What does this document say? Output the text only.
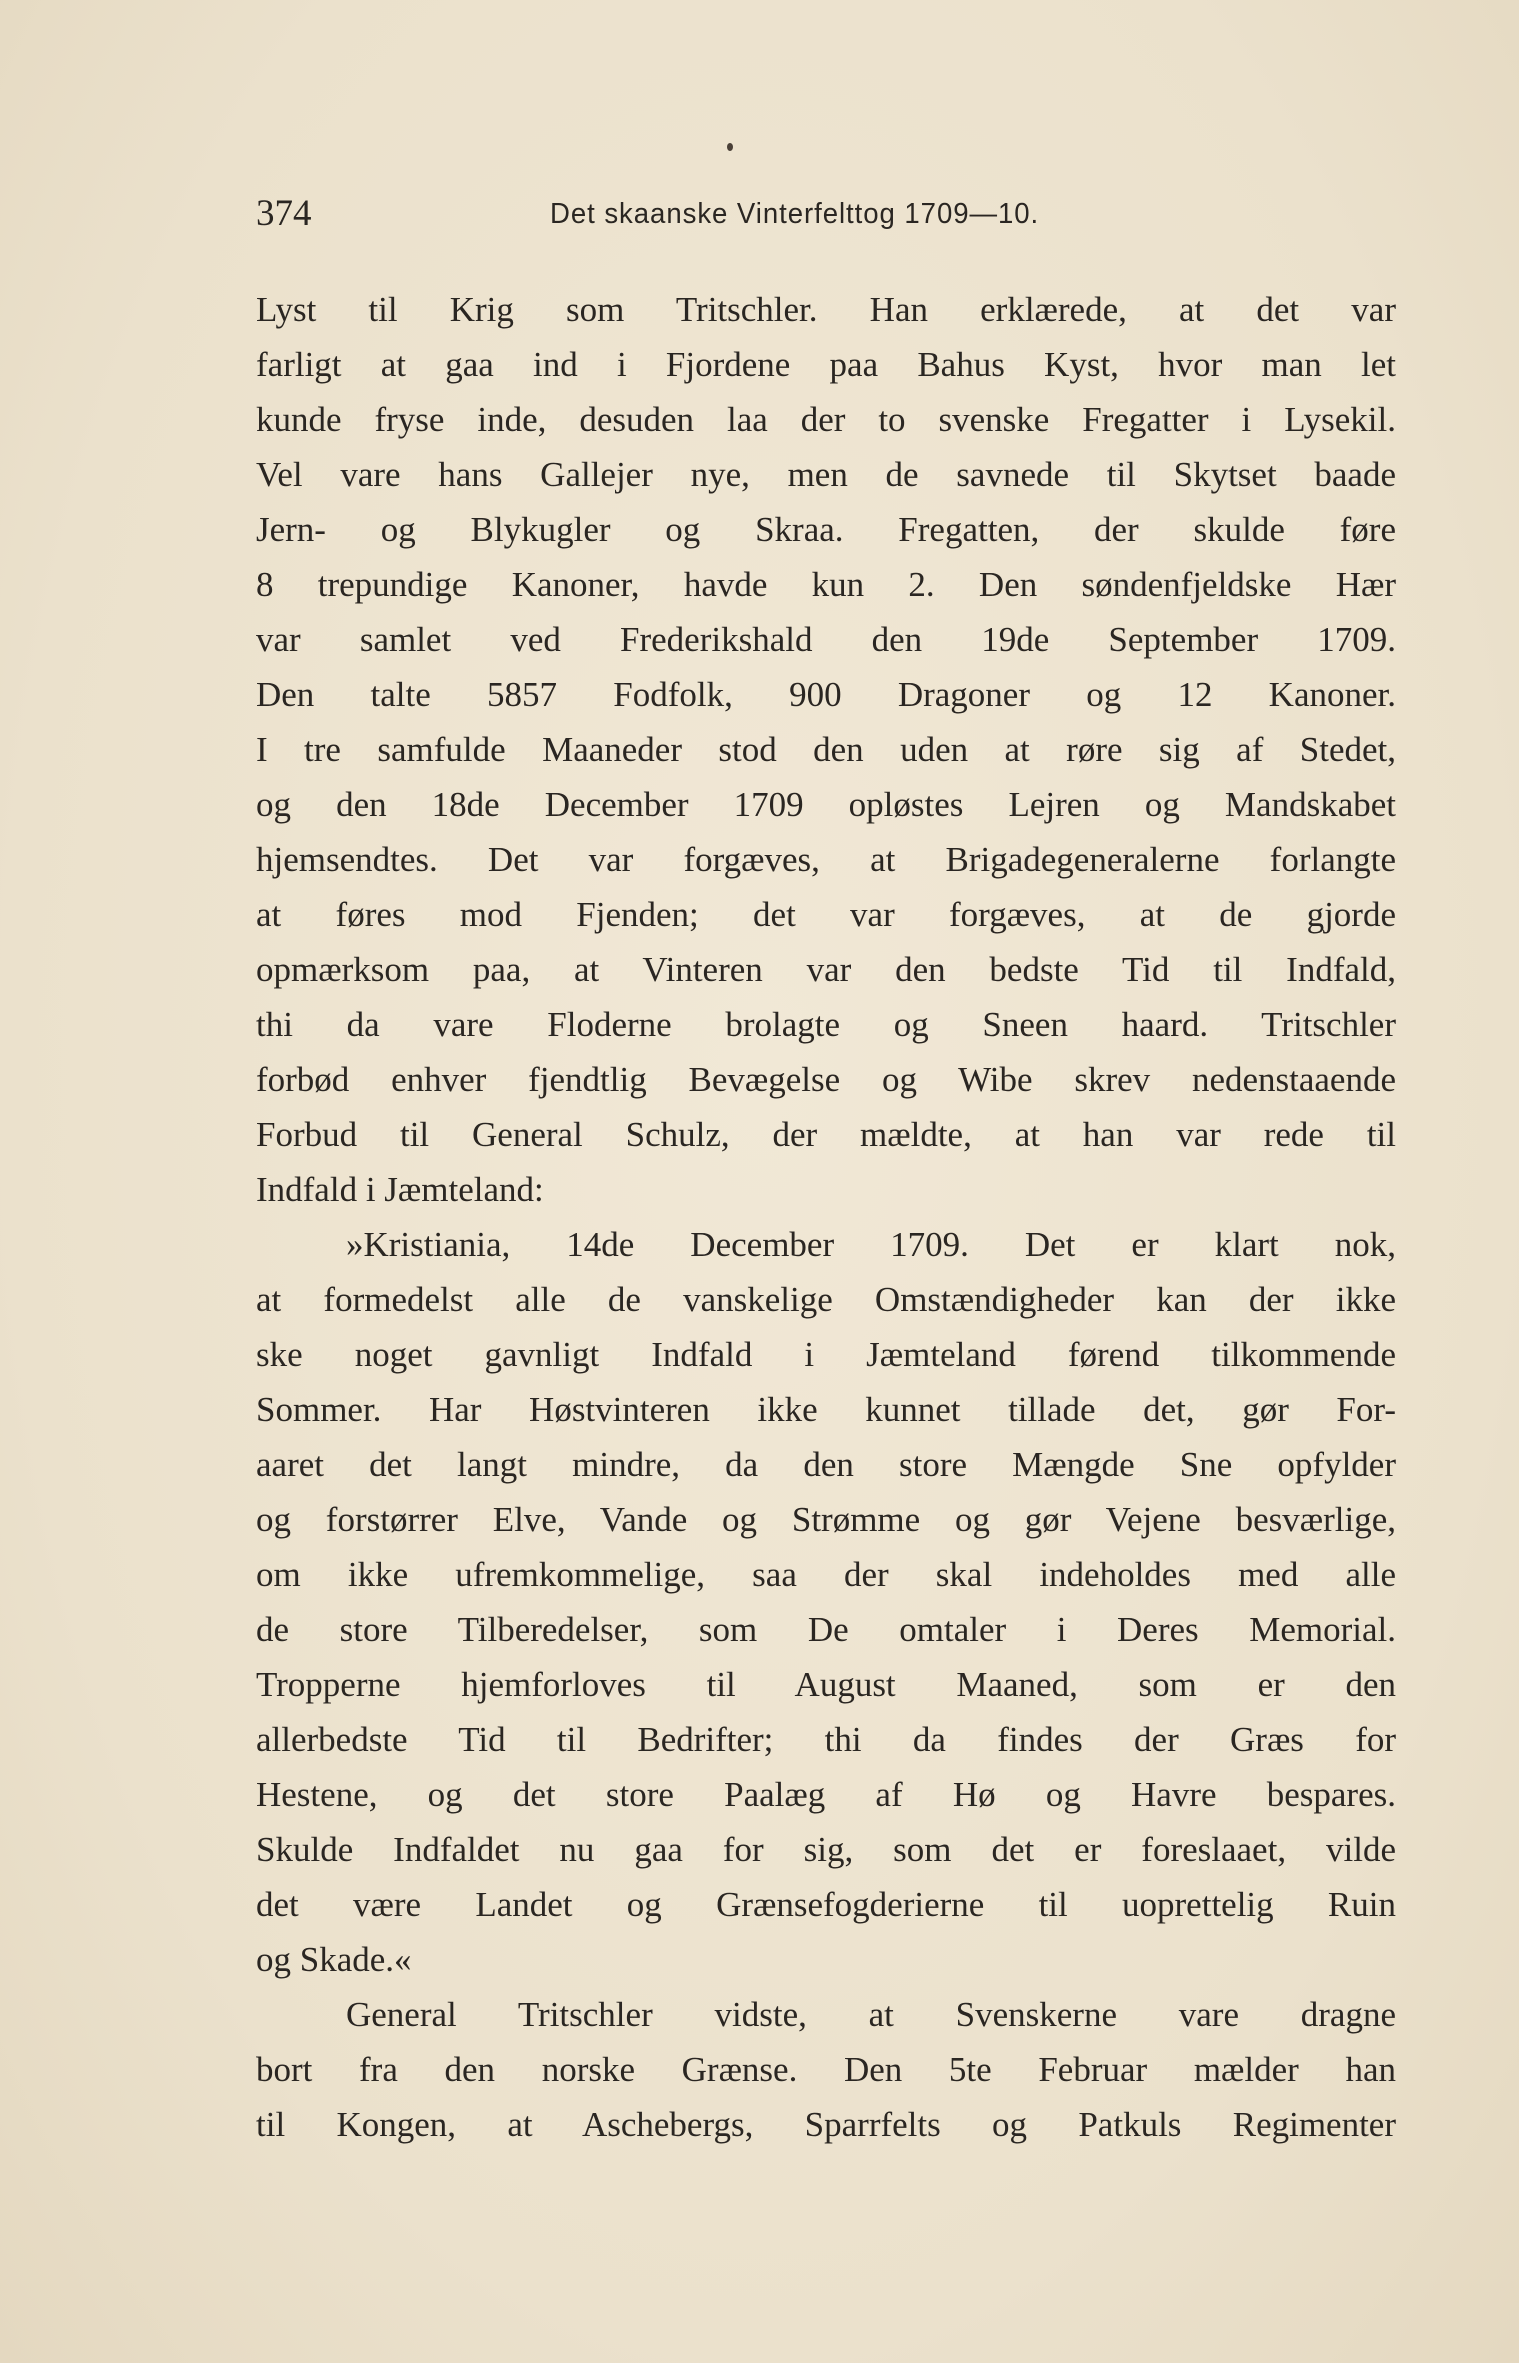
374	Det skaanske Vinterfelttog 1709—10.
Lyst til Krig som Tritschler. Han erklærede, at det var
farligt at gaa ind i Fjordene paa Bahus Kyst, hvor man let
kunde fryse inde, desuden laa der to svenske Fregatter i Lysekil.
Vel vare hans Gallejer nye, men de savnede til Skytset baade
Jern- og Blykugler og Skraa. Fregatten, der skulde føre
8 trepundige Kanoner, havde kun 2. Den søndenfjeldske Hær
var samlet ved Frederikshald den 19de September 1709.
Den talte 5857 Fodfolk, 900 Dragoner og 12 Kanoner.
I tre samfulde Maaneder stod den uden at røre sig af Stedet,
og den 18de December 1709 opløstes Lejren og Mandskabet
hjemsendtes. Det var forgæves, at Brigadegeneralerne forlangte
at føres mod Fjenden; det var forgæves, at de gjorde
opmærksom paa, at Vinteren var den bedste Tid til Indfald,
thi da vare Floderne brolagte og Sneen haard. Tritschler
forbød enhver fjendtlig Bevægelse og Wibe skrev nedenstaaende
Forbud til General Schulz, der mældte, at han var rede til
Indfald i Jæmteland:
»Kristiania, 14de December 1709. Det er klart nok,
at formedelst alle de vanskelige Omstændigheder kan der ikke
ske noget gavnligt Indfald i Jæmteland førend tilkommende
Sommer. Har Høstvinteren ikke kunnet tillade det, gør For-
aaret det langt mindre, da den store Mængde Sne opfylder
og forstørrer Elve, Vande og Strømme og gør Vejene besværlige,
om ikke ufremkommelige, saa der skal indeholdes med alle
de store Tilberedelser, som De omtaler i Deres Memorial.
Tropperne hjemforloves til August Maaned, som er den
allerbedste Tid til Bedrifter; thi da findes der Græs for
Hestene, og det store Paalæg af Hø og Havre bespares.
Skulde Indfaldet nu gaa for sig, som det er foreslaaet, vilde
det være Landet og Grænsefogderierne til uoprettelig Ruin
og Skade.«
General Tritschler vidste, at Svenskerne vare dragne
bort fra den norske Grænse. Den 5te Februar mælder han
til Kongen, at Aschebergs, Sparrfelts og Patkuls Regimenter
